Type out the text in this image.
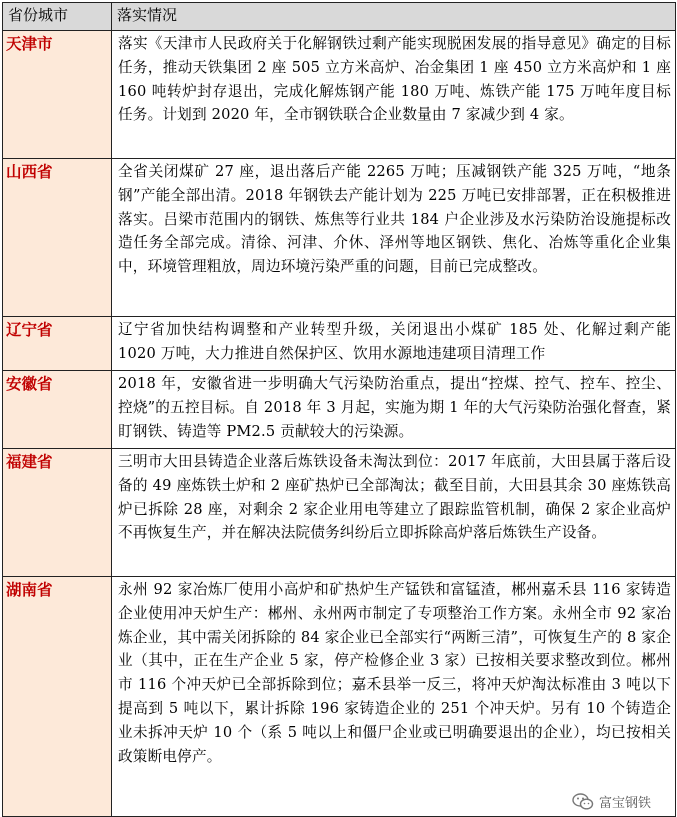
省份城市	落实情况
天津市	落实《天津市人民政府关于化解钢铁过剩产能实现脱困发展的指导意见》确定的目标任务，推动天铁集团 2 座 505 立方米高炉、冶金集团 1 座 450 立方米高炉和 1 座 160 吨转炉封存退出，完成化解炼钢产能 180 万吨、炼铁产能 175 万吨年度目标任务。计划到 2020 年，全市钢铁联合企业数量由 7 家减少到 4 家。
山西省	全省关闭煤矿 27 座，退出落后产能 2265 万吨；压减钢铁产能 325 万吨，“地条钢”产能全部出清。2018 年钢铁去产能计划为 225 万吨已安排部署，正在积极推进落实。吕梁市范围内的钢铁、炼焦等行业共 184 户企业涉及水污染防治设施提标改造任务全部完成。清徐、河津、介休、泽州等地区钢铁、焦化、冶炼等重化企业集中，环境管理粗放，周边环境污染严重的问题，目前已完成整改。
辽宁省	辽宁省加快结构调整和产业转型升级，关闭退出小煤矿 185 处、化解过剩产能 1020 万吨，大力推进自然保护区、饮用水源地违建项目清理工作
安徽省	2018 年，安徽省进一步明确大气污染防治重点，提出“控煤、控气、控车、控尘、控烧”的五控目标。自 2018 年 3 月起，实施为期 1 年的大气污染防治强化督查，紧盯钢铁、铸造等 PM2.5 贡献较大的污染源。
福建省	三明市大田县铸造企业落后炼铁设备未淘汰到位：2017 年底前，大田县属于落后设备的 49 座炼铁土炉和 2 座矿热炉已全部淘汰；截至目前，大田县其余 30 座炼铁高炉已拆除 28 座，对剩余 2 家企业用电等建立了跟踪监管机制，确保 2 家企业高炉不再恢复生产，并在解决法院债务纠纷后立即拆除高炉落后炼铁生产设备。
湖南省	永州 92 家冶炼厂使用小高炉和矿热炉生产锰铁和富锰渣，郴州嘉禾县 116 家铸造企业使用冲天炉生产：郴州、永州两市制定了专项整治工作方案。永州全市 92 家冶炼企业，其中需关闭拆除的 84 家企业已全部实行“两断三清”，可恢复生产的 8 家企业（其中，正在生产企业 5 家，停产检修企业 3 家）已按相关要求整改到位。郴州市 116 个冲天炉已全部拆除到位；嘉禾县举一反三，将冲天炉淘汰标准由 3 吨以下提高到 5 吨以下，累计拆除 196 家铸造企业的 251 个冲天炉。另有 10 个铸造企业未拆冲天炉 10 个（系 5 吨以上和僵尸企业或已明确要退出的企业），均已按相关政策断电停产。
富宝钢铁
